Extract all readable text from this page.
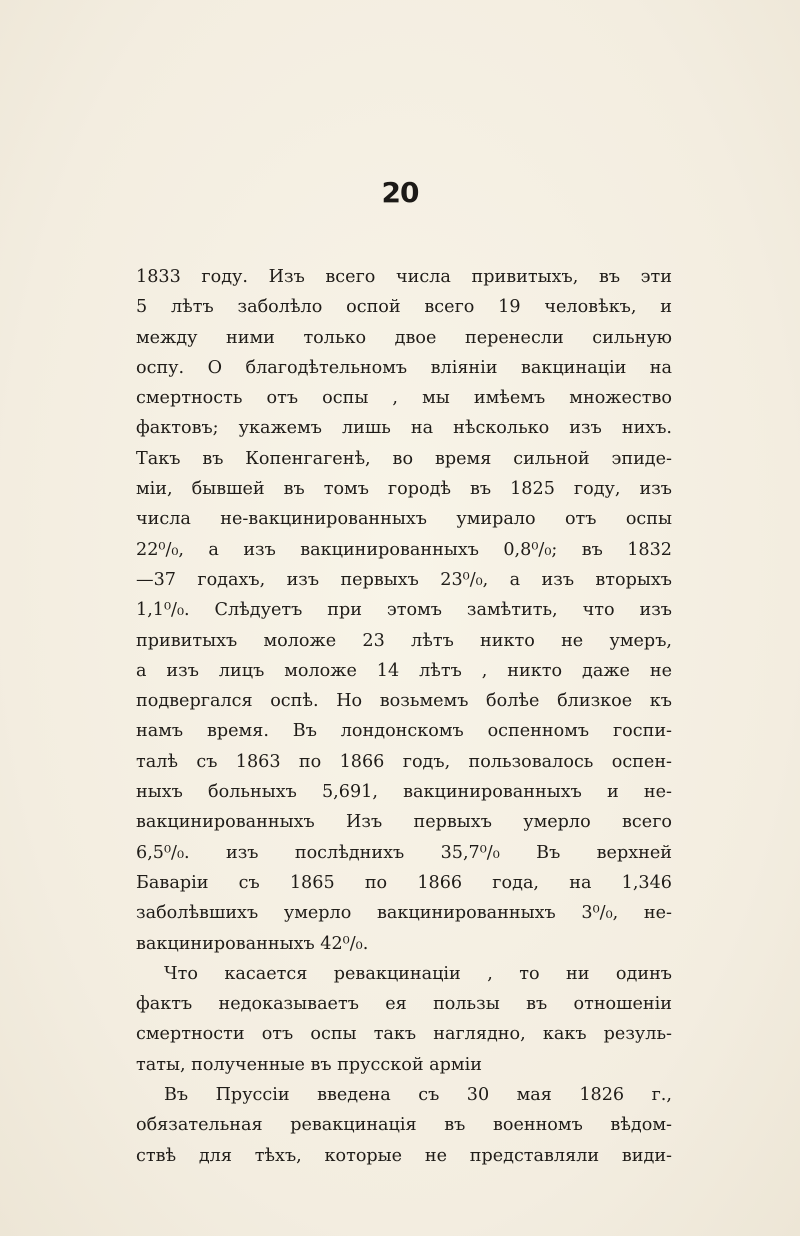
20
1833 году. Изъ всего числа привитыхъ, въ эти
5 лѣтъ заболѣло оспой всего 19 человѣкъ, и
между ними только двое перенесли сильную
оспу. О благодѣтельномъ вліяніи вакцинаціи на
смертность отъ оспы , мы имѣемъ множество
фактовъ; укажемъ лишь на нѣсколько изъ нихъ.
Такъ въ Копенгагенѣ, во время сильной эпиде-
міи, бывшей въ томъ городѣ въ 1825 году, изъ
числа не-вакцинированныхъ умирало отъ оспы
22⁰/₀, а изъ вакцинированныхъ 0,8⁰/₀; въ 1832
—37 годахъ, изъ первыхъ 23⁰/₀, а изъ вторыхъ
1,1⁰/₀. Слѣдуетъ при этомъ замѣтить, что изъ
привитыхъ моложе 23 лѣтъ никто не умеръ,
а изъ лицъ моложе 14 лѣтъ , никто даже не
подвергался оспѣ. Но возьмемъ болѣе близкое къ
намъ время. Въ лондонскомъ оспенномъ госпи-
талѣ съ 1863 по 1866 годъ, пользовалось оспен-
ныхъ больныхъ 5,691, вакцинированныхъ и не-
вакцинированныхъ Изъ первыхъ умерло всего
6,5⁰/₀. изъ послѣднихъ 35,7⁰/₀ Въ верхней
Баваріи съ 1865 по 1866 года, на 1,346
заболѣвшихъ умерло вакцинированныхъ 3⁰/₀, не-
вакцинированныхъ 42⁰/₀.
Что касается ревакцинаціи , то ни одинъ
фактъ недоказываетъ ея пользы въ отношеніи
смертности отъ оспы такъ наглядно, какъ резуль-
таты, полученные въ прусской арміи
Въ Пруссіи введена съ 30 мая 1826 г.,
обязательная ревакцинація въ военномъ вѣдом-
ствѣ для тѣхъ, которые не представляли види-
